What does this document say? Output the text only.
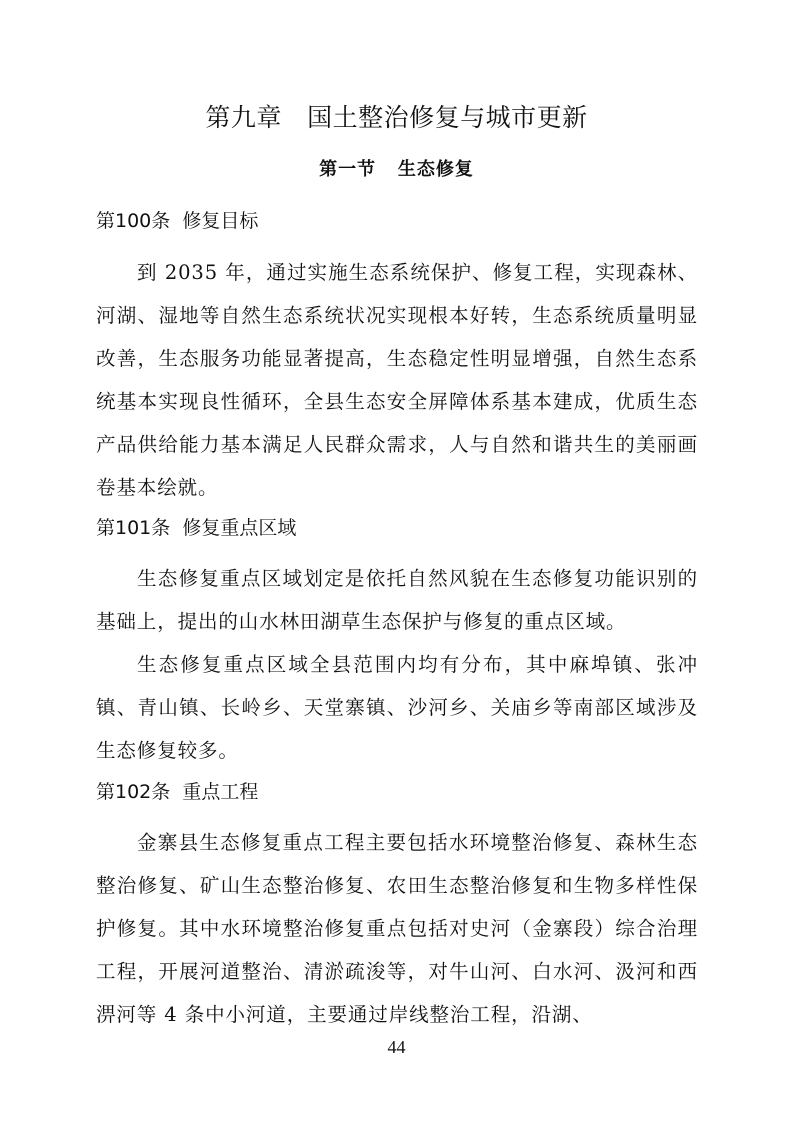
第九章   国土整治修复与城市更新
第一节   生态修复
第100条  修复目标

到 2035 年，通过实施生态系统保护、修复工程，实现森林、河湖、湿地等自然生态系统状况实现根本好转，生态系统质量明显改善，生态服务功能显著提高，生态稳定性明显增强，自然生态系统基本实现良性循环，全县生态安全屏障体系基本建成，优质生态产品供给能力基本满足人民群众需求，人与自然和谐共生的美丽画卷基本绘就。

第101条  修复重点区域

生态修复重点区域划定是依托自然风貌在生态修复功能识别的基础上，提出的山水林田湖草生态保护与修复的重点区域。

生态修复重点区域全县范围内均有分布，其中麻埠镇、张冲镇、青山镇、长岭乡、天堂寨镇、沙河乡、关庙乡等南部区域涉及生态修复较多。

第102条  重点工程

金寨县生态修复重点工程主要包括水环境整治修复、森林生态整治修复、矿山生态整治修复、农田生态整治修复和生物多样性保护修复。其中水环境整治修复重点包括对史河（金寨段）综合治理工程，开展河道整治、清淤疏浚等，对牛山河、白水河、汲河和西淠河等 4 条中小河道，主要通过岸线整治工程，沿湖、

44
